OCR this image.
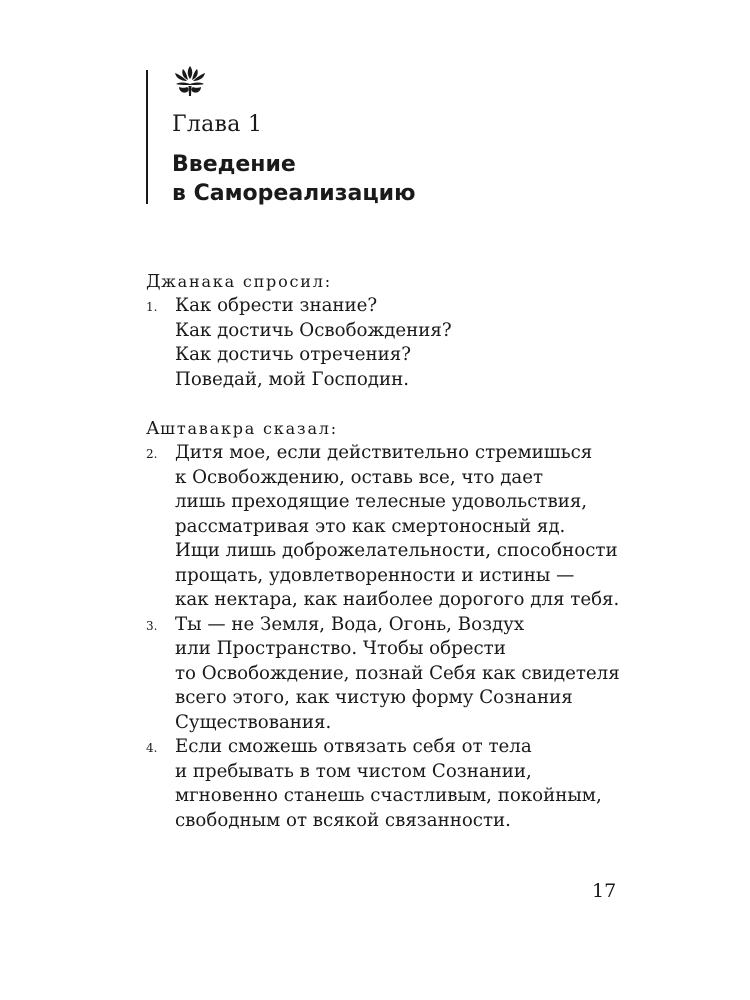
Глава 1
Введение
в Самореализацию
Джанака спросил:
1. Как обрести знание?
Как достичь Освобождения?
Как достичь отречения?
Поведай, мой Господин.
Аштавакра сказал:
2. Дитя мое, если действительно стремишься
к Освобождению, оставь все, что дает
лишь преходящие телесные удовольствия,
рассматривая это как смертоносный яд.
Ищи лишь доброжелательности, способности
прощать, удовлетворенности и истины —
как нектара, как наиболее дорогого для тебя.
3. Ты — не Земля, Вода, Огонь, Воздух
или Пространство. Чтобы обрести
то Освобождение, познай Себя как свидетеля
всего этого, как чистую форму Сознания
Существования.
4. Если сможешь отвязать себя от тела
и пребывать в том чистом Сознании,
мгновенно станешь счастливым, покойным,
свободным от всякой связанности.
17
